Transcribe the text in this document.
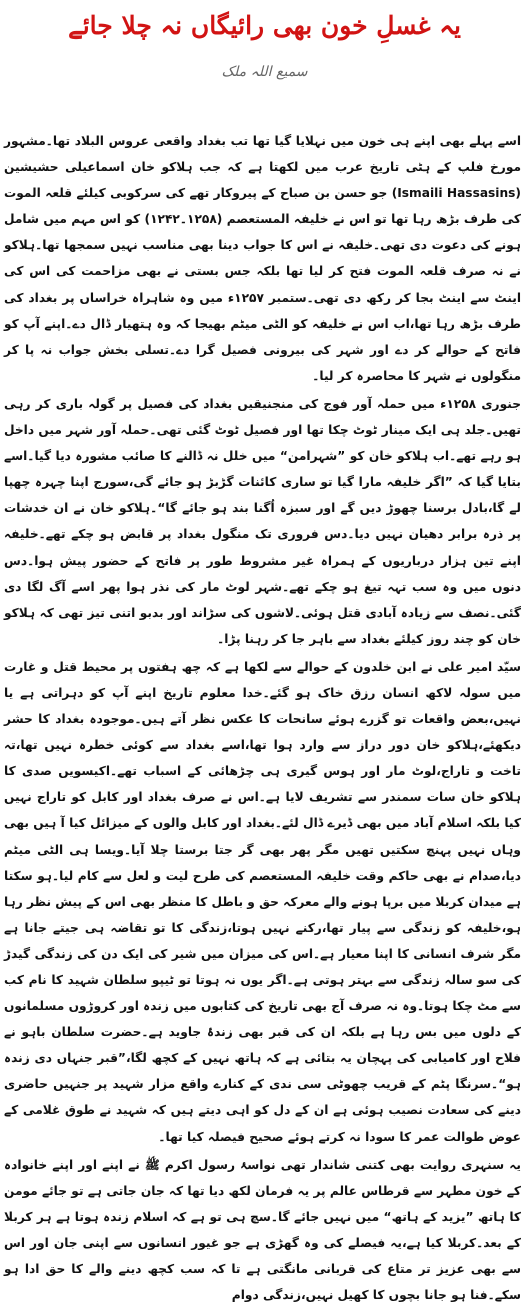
یہ غسلِ خون بھی رائیگاں نہ چلا جائے
سمیع اللہ ملک

اسے پہلے بھی اپنے ہی خون میں نہلایا گیا تھا تب بغداد واقعی عروس البلاد تھا۔مشہور مورخ فلپ کے ہٹی تاریخ عرب میں لکھتا ہے کہ جب ہلاکو خان اسماعیلی حشیشین (Ismaili Hassasins) جو حسن بن صباح کے پیروکار تھے کی سرکوبی کیلئے قلعہ الموت کی طرف بڑھ رہا تھا تو اس نے خلیفہ المستعصم (۱۲۵۸۔۱۲۴۲) کو اس مہم میں شامل ہونے کی دعوت دی تھی۔خلیفہ نے اس کا جواب دینا بھی مناسب نہیں سمجھا تھا۔ہلاکو نے نہ صرف قلعہ الموت فتح کر لیا تھا بلکہ جس بستی نے بھی مزاحمت کی اس کی اینٹ سے اینٹ بجا کر رکھ دی تھی۔ستمبر ۱۲۵۷ء میں وہ شاہراہ خراساں پر بغداد کی طرف بڑھ رہا تھا،اب اس نے خلیفہ کو الٹی میٹم بھیجا کہ وہ ہتھیار ڈال دے۔اپنے آپ کو فاتح کے حوالے کر دے اور شہر کی بیرونی فصیل گرا دے۔تسلی بخش جواب نہ پا کر منگولوں نے شہر کا محاصرہ کر لیا۔

جنوری ۱۲۵۸ء میں حملہ آور فوج کی منجنیقیں بغداد کی فصیل پر گولہ باری کر رہی تھیں۔جلد ہی ایک مینار ٹوٹ چکا تھا اور فصیل ٹوٹ گئی تھی۔حملہ آور شہر میں داخل ہو رہے تھے۔اب ہلاکو خان کو ”شہرامن“ میں خلل نہ ڈالنے کا صائب مشورہ دیا گیا۔اسے بتایا گیا کہ ”اگر خلیفہ مارا گیا تو ساری کائنات گڑبڑ ہو جائے گی،سورج اپنا چہرہ چھپا لے گا،بادل برسنا چھوڑ دیں گے اور سبزہ اُگنا بند ہو جائے گا“۔ہلاکو خان نے ان خدشات پر ذرہ برابر دھیان نہیں دیا۔دس فروری تک منگول بغداد پر قابض ہو چکے تھے۔خلیفہ اپنے تین ہزار درباریوں کے ہمراہ غیر مشروط طور پر فاتح کے حضور پیش ہوا۔دس دنوں میں وہ سب تہہ تیغ ہو چکے تھے۔شہر لوٹ مار کی نذر ہوا پھر اسے آگ لگا دی گئی۔نصف سے زیادہ آبادی قتل ہوئی۔لاشوں کی سڑاند اور بدبو اتنی تیز تھی کہ ہلاکو خان کو چند روز کیلئے بغداد سے باہر جا کر رہنا پڑا۔

سیّد امیر علی نے ابن خلدون کے حوالے سے لکھا ہے کہ چھ ہفتوں پر محیط قتل و غارت میں سولہ لاکھ انسان رزق خاک ہو گئے۔خدا معلوم تاریخ اپنے آپ کو دہراتی ہے یا نہیں،بعض واقعات تو گزرے ہوئے سانحات کا عکس نظر آتے ہیں۔موجودہ بغداد کا حشر دیکھئے،ہلاکو خان دور دراز سے وارد ہوا تھا،اسے بغداد سے کوئی خطرہ نہیں تھا،تہ تاخت و تاراج،لوٹ مار اور ہوس گیری ہی چڑھائی کے اسباب تھے۔اکیسویں صدی کا ہلاکو خان سات سمندر سے تشریف لایا ہے۔اس نے صرف بغداد اور کابل کو تاراج نہیں کیا بلکہ اسلام آباد میں بھی ڈیرے ڈال لئے۔بغداد اور کابل والوں کے میزائل کیا آ ہیں بھی وہاں نہیں پہنچ سکتیں تھیں مگر پھر بھی گر جتا برستا چلا آیا۔ویسا ہی الٹی میٹم دیا،صدام نے بھی حاکم وقت خلیفہ المستعصم کی طرح لیت و لعل سے کام لیا۔ہو سکتا ہے میدان کربلا میں برپا ہونے والے معرکہ حق و باطل کا منظر بھی اس کے پیش نظر رہا ہو،خلیفہ کو زندگی سے پیار تھا،رکنے نہیں ہوتا،زندگی کا تو تقاضہ ہی جیتے جانا ہے مگر شرف انسانی کا اپنا معیار ہے۔اس کی میزان میں شیر کی ایک دن کی زندگی گیدڑ کی سو سالہ زندگی سے بہتر ہوتی ہے۔اگر یوں نہ ہوتا تو ٹیپو سلطان شہید کا نام کب سے مٹ چکا ہوتا۔وہ نہ صرف آج بھی تاریخ کی کتابوں میں زندہ اور کروڑوں مسلمانوں کے دلوں میں بس رہا ہے بلکہ ان کی قبر بھی زندۂ جاوید ہے۔حضرت سلطان باہو نے فلاح اور کامیابی کی پہچان یہ بتائی ہے کہ ہاتھ نہیں کے کچھ لگا،”قبر جنہاں دی زندہ ہو“۔سرنگا پٹم کے قریب چھوٹی سی ندی کے کنارے واقع مزار شہید پر جنہیں حاضری دینے کی سعادت نصیب ہوئی ہے ان کے دل کو اہی دیتے ہیں کہ شہید نے طوق غلامی کے عوض طوالت عمر کا سودا نہ کرتے ہوئے صحیح فیصلہ کیا تھا۔

یہ سنہری روایت بھی کتنی شاندار تھی نواسۂ رسول اکرم ﷺ نے اپنے اور اپنے خانوادہ کے خون مطہر سے قرطاس عالم پر یہ فرمان لکھ دیا تھا کہ جان جاتی ہے تو جائے مومن کا ہاتھ ”یزید کے ہاتھ“ میں نہیں جائے گا۔سچ ہی تو ہے کہ اسلام زندہ ہوتا ہے ہر کربلا کے بعد۔کربلا کیا ہے،یہ فیصلے کی وہ گھڑی ہے جو غیور انسانوں سے اپنی جان اور اس سے بھی عزیز تر متاع کی قربانی مانگتی ہے تا کہ سب کچھ دینے والے کا حق ادا ہو سکے۔فنا ہو جانا بچوں کا کھیل نہیں،زندگی دوام
